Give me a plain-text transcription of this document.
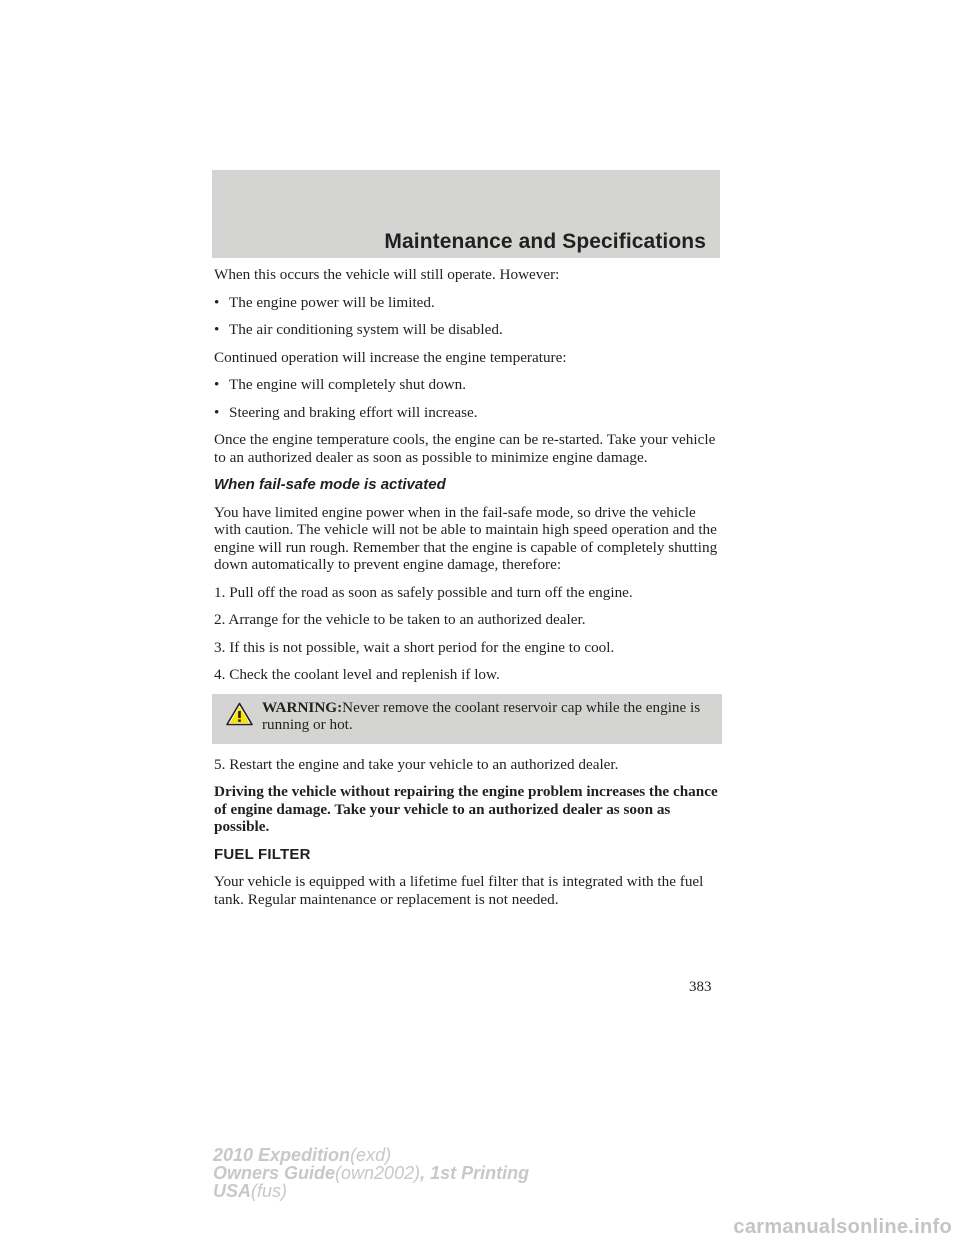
Maintenance and Specifications

When this occurs the vehicle will still operate. However:

• The engine power will be limited.
• The air conditioning system will be disabled.

Continued operation will increase the engine temperature:

• The engine will completely shut down.
• Steering and braking effort will increase.

Once the engine temperature cools, the engine can be re-started. Take your vehicle to an authorized dealer as soon as possible to minimize engine damage.

When fail-safe mode is activated

You have limited engine power when in the fail-safe mode, so drive the vehicle with caution. The vehicle will not be able to maintain high speed operation and the engine will run rough. Remember that the engine is capable of completely shutting down automatically to prevent engine damage, therefore:

1. Pull off the road as soon as safely possible and turn off the engine.

2. Arrange for the vehicle to be taken to an authorized dealer.

3. If this is not possible, wait a short period for the engine to cool.

4. Check the coolant level and replenish if low.

WARNING:Never remove the coolant reservoir cap while the engine is running or hot.

5. Restart the engine and take your vehicle to an authorized dealer.

Driving the vehicle without repairing the engine problem increases the chance of engine damage. Take your vehicle to an authorized dealer as soon as possible.

FUEL FILTER

Your vehicle is equipped with a lifetime fuel filter that is integrated with the fuel tank. Regular maintenance or replacement is not needed.

383
2010 Expedition(exd)
Owners Guide(own2002), 1st Printing
USA(fus)
carmanualsonline.info
